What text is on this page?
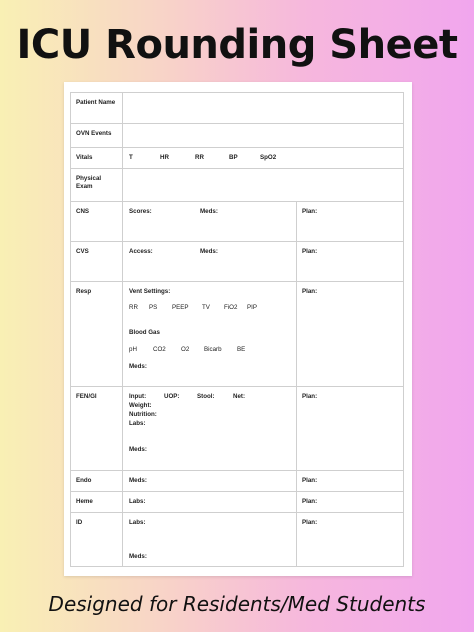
ICU Rounding Sheet
Patient Name
OVN Events
Vitals	T	HR	RR	BP	SpO2
Physical Exam
CNS	Scores:	Meds:	Plan:
CVS	Access:	Meds:	Plan:
Resp	Vent Settings:	Plan:
RR PS PEEP TV FiO2 PIP
Blood Gas
pH	CO2 O2 Bicarb BE
Meds:
FEN/GI	Input:	UOP:	Stool:	Net:	Plan:
Weight:
Nutrition:
Labs:
Meds:
Endo	Meds:	Plan:
Heme	Labs:	Plan:
ID	Labs:	Plan:
Meds:
Designed for Residents/Med Students
